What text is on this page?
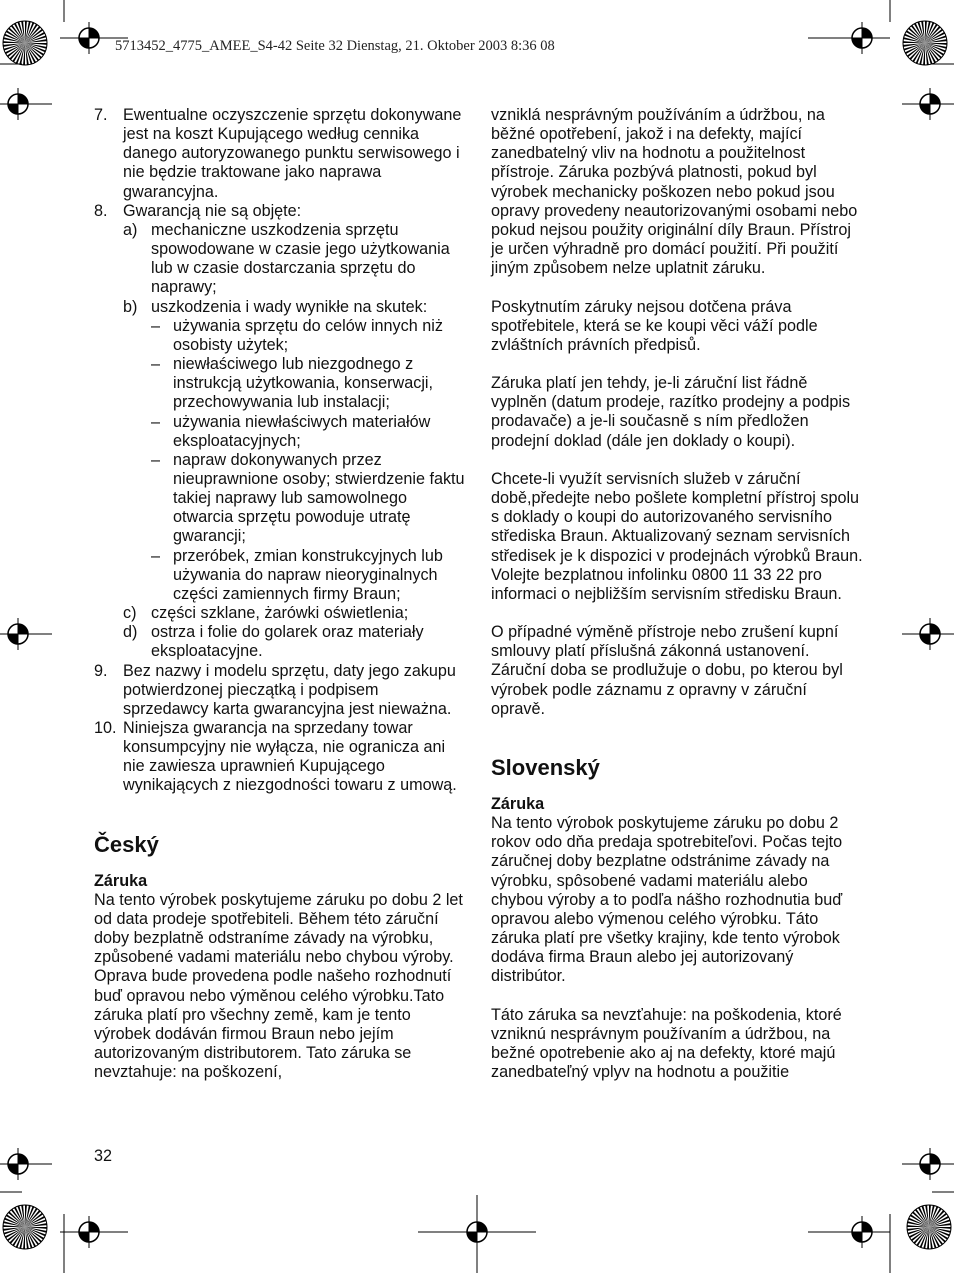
5713452_4775_AMEE_S4-42 Seite 32 Dienstag, 21. Oktober 2003 8:36 08
7. Ewentualne oczyszczenie sprzętu dokonywane jest na koszt Kupującego według cennika danego autoryzowanego punktu serwisowego i nie będzie traktowane jako naprawa gwarancyjna.
8. Gwarancją nie są objęte:
a) mechaniczne uszkodzenia sprzętu spowodowane w czasie jego użytkowania lub w czasie dostarczania sprzętu do naprawy;
b) uszkodzenia i wady wynikłe na skutek:
– używania sprzętu do celów innych niż osobisty użytek;
– niewłaściwego lub niezgodnego z instrukcją użytkowania, konserwacji, przechowywania lub instalacji;
– używania niewłaściwych materiałów eksploatacyjnych;
– napraw dokonywanych przez nieuprawnione osoby; stwierdzenie faktu takiej naprawy lub samowolnego otwarcia sprzętu powoduje utratę gwarancji;
– przeróbek, zmian konstrukcyjnych lub używania do napraw nieoryginalnych części zamiennych firmy Braun;
c) części szklane, żarówki oświetlenia;
d) ostrza i folie do golarek oraz materiały eksploatacyjne.
9. Bez nazwy i modelu sprzętu, daty jego zakupu potwierdzonej pieczątką i podpisem sprzedawcy karta gwarancyjna jest nieważna.
10. Niniejsza gwarancja na sprzedany towar konsumpcyjny nie wyłącza, nie ogranicza ani nie zawiesza uprawnień Kupującego wynikających z niezgodności towaru z umową.
Český
Záruka
Na tento výrobek poskytujeme záruku po dobu 2 let od data prodeje spotřebiteli. Během této záruční doby bezplatně odstraníme závady na výrobku, způsobené vadami materiálu nebo chybou výroby. Oprava bude provedena podle našeho rozhodnutí buď opravou nebo výměnou celého výrobku.Tato záruka platí pro všechny země, kam je tento výrobek dodáván firmou Braun nebo jejím autorizovaným distributorem. Tato záruka se nevztahuje: na poškození,
vzniklá nesprávným používáním a údržbou, na běžné opotřebení, jakož i na defekty, mající zanedbatelný vliv na hodnotu a použitelnost přístroje. Záruka pozbývá platnosti, pokud byl výrobek mechanicky poškozen nebo pokud jsou opravy provedeny neautorizovanými osobami nebo pokud nejsou použity originální díly Braun. Přístroj je určen výhradně pro domácí použití. Při použití jiným způsobem nelze uplatnit záruku.
Poskytnutím záruky nejsou dotčena práva spotřebitele, která se ke koupi věci váží podle zvláštních právních předpisů.
Záruka platí jen tehdy, je-li záruční list řádně vyplněn (datum prodeje, razítko prodejny a podpis prodavače) a je-li současně s ním předložen prodejní doklad (dále jen doklady o koupi).
Chcete-li využít servisních služeb v záruční době,předejte nebo pošlete kompletní přístroj spolu s doklady o koupi do autorizovaného servisního střediska Braun. Aktualizovaný seznam servisních středisek je k dispozici v prodejnách výrobků Braun.
Volejte bezplatnou infolinku 0800 11 33 22 pro informaci o nejbližším servisním středisku Braun.
O případné výměně přístroje nebo zrušení kupní smlouvy platí příslušná zákonná ustanovení. Záruční doba se prodlužuje o dobu, po kterou byl výrobek podle záznamu z opravny v záruční opravě.
Slovenský
Záruka
Na tento výrobok poskytujeme záruku po dobu 2 rokov odo dňa predaja spotrebiteľovi. Počas tejto záručnej doby bezplatne odstránime závady na výrobku, spôsobené vadami materiálu alebo chybou výroby a to podľa nášho rozhodnutia buď opravou alebo výmenou celého výrobku. Táto záruka platí pre všetky krajiny, kde tento výrobok dodáva firma Braun alebo jej autorizovaný distribútor.
Táto záruka sa nevzťahuje: na poškodenia, ktoré vzniknú nesprávnym používaním a údržbou, na bežné opotrebenie ako aj na defekty, ktoré majú zanedbateľný vplyv na hodnotu a použitie
32
